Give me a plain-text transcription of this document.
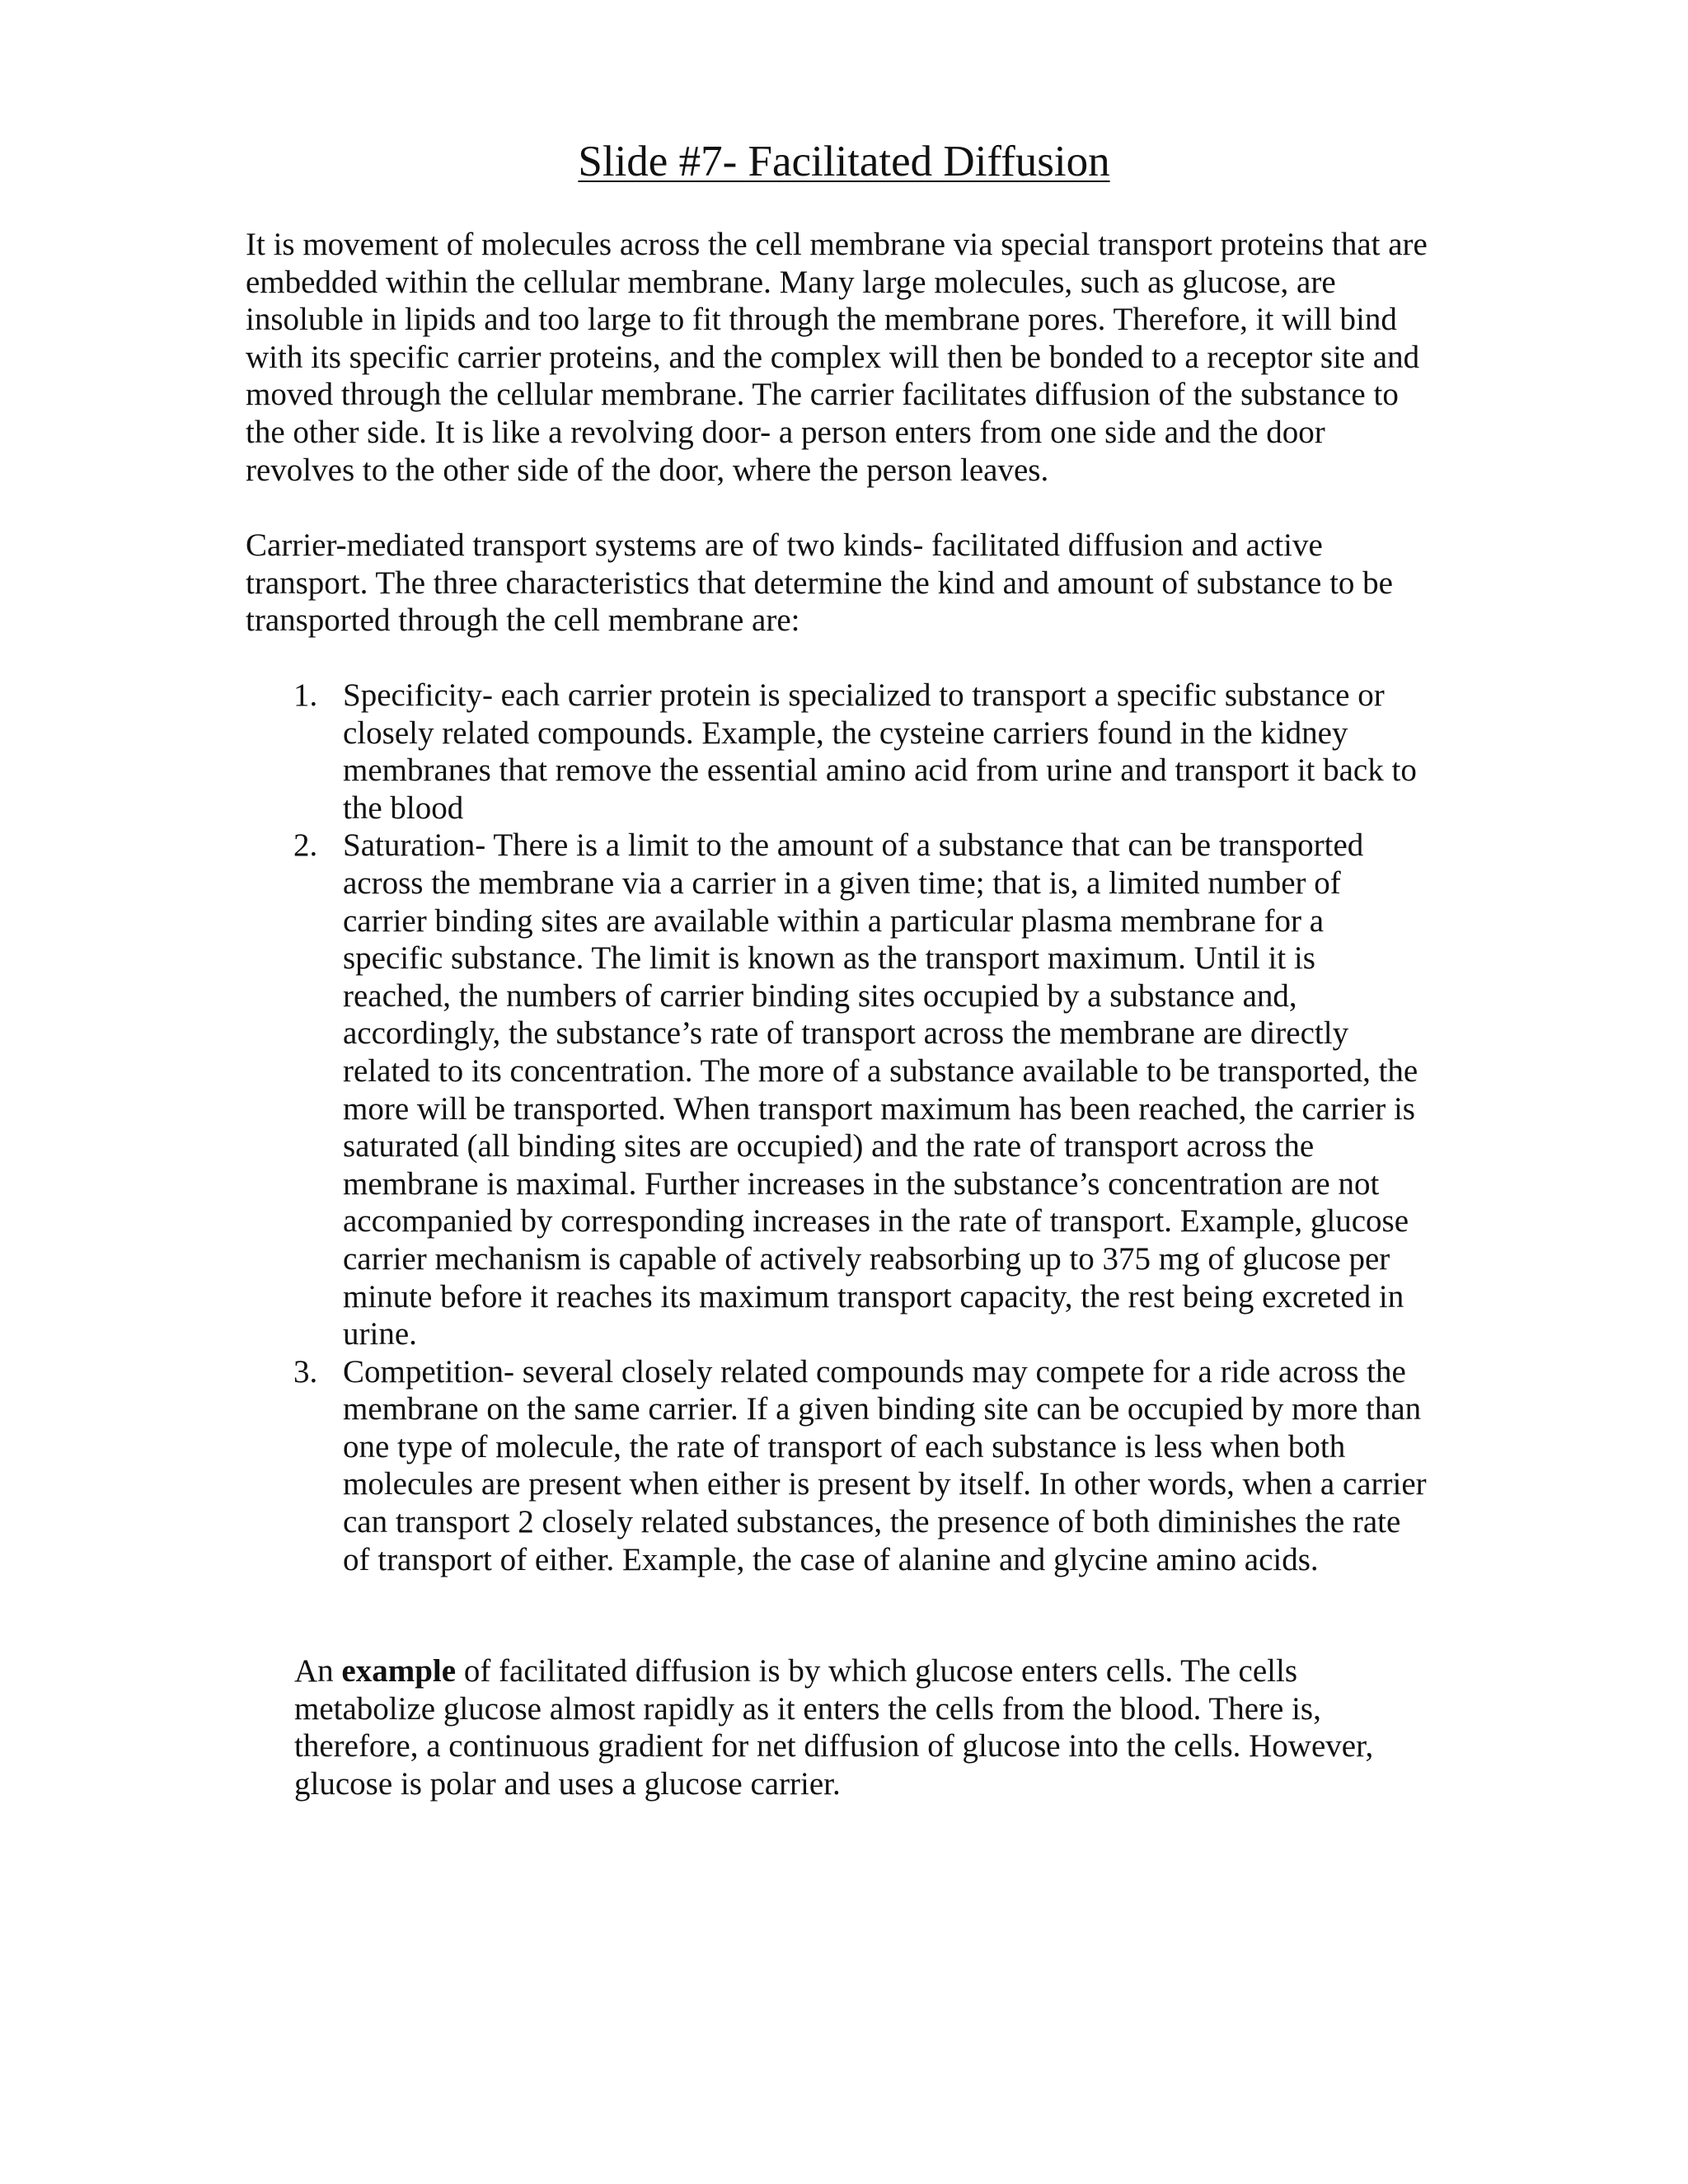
Slide #7- Facilitated Diffusion

It is movement of molecules across the cell membrane via special transport proteins that are embedded within the cellular membrane. Many large molecules, such as glucose, are insoluble in lipids and too large to fit through the membrane pores. Therefore, it will bind with its specific carrier proteins, and the complex will then be bonded to a receptor site and moved through the cellular membrane. The carrier facilitates diffusion of the substance to the other side. It is like a revolving door- a person enters from one side and the door revolves to the other side of the door, where the person leaves.

Carrier-mediated transport systems are of two kinds- facilitated diffusion and active transport. The three characteristics that determine the kind and amount of substance to be transported through the cell membrane are:

1. Specificity- each carrier protein is specialized to transport a specific substance or closely related compounds. Example, the cysteine carriers found in the kidney membranes that remove the essential amino acid from urine and transport it back to the blood
2. Saturation- There is a limit to the amount of a substance that can be transported across the membrane via a carrier in a given time; that is, a limited number of carrier binding sites are available within a particular plasma membrane for a specific substance. The limit is known as the transport maximum. Until it is reached, the numbers of carrier binding sites occupied by a substance and, accordingly, the substance’s rate of transport across the membrane are directly related to its concentration. The more of a substance available to be transported, the more will be transported. When transport maximum has been reached, the carrier is saturated (all binding sites are occupied) and the rate of transport across the membrane is maximal. Further increases in the substance’s concentration are not accompanied by corresponding increases in the rate of transport. Example, glucose carrier mechanism is capable of actively reabsorbing up to 375 mg of glucose per minute before it reaches its maximum transport capacity, the rest being excreted in urine.
3. Competition- several closely related compounds may compete for a ride across the membrane on the same carrier. If a given binding site can be occupied by more than one type of molecule, the rate of transport of each substance is less when both molecules are present when either is present by itself. In other words, when a carrier can transport 2 closely related substances, the presence of both diminishes the rate of transport of either. Example, the case of alanine and glycine amino acids.

An example of facilitated diffusion is by which glucose enters cells. The cells metabolize glucose almost rapidly as it enters the cells from the blood. There is, therefore, a continuous gradient for net diffusion of glucose into the cells. However, glucose is polar and uses a glucose carrier.
